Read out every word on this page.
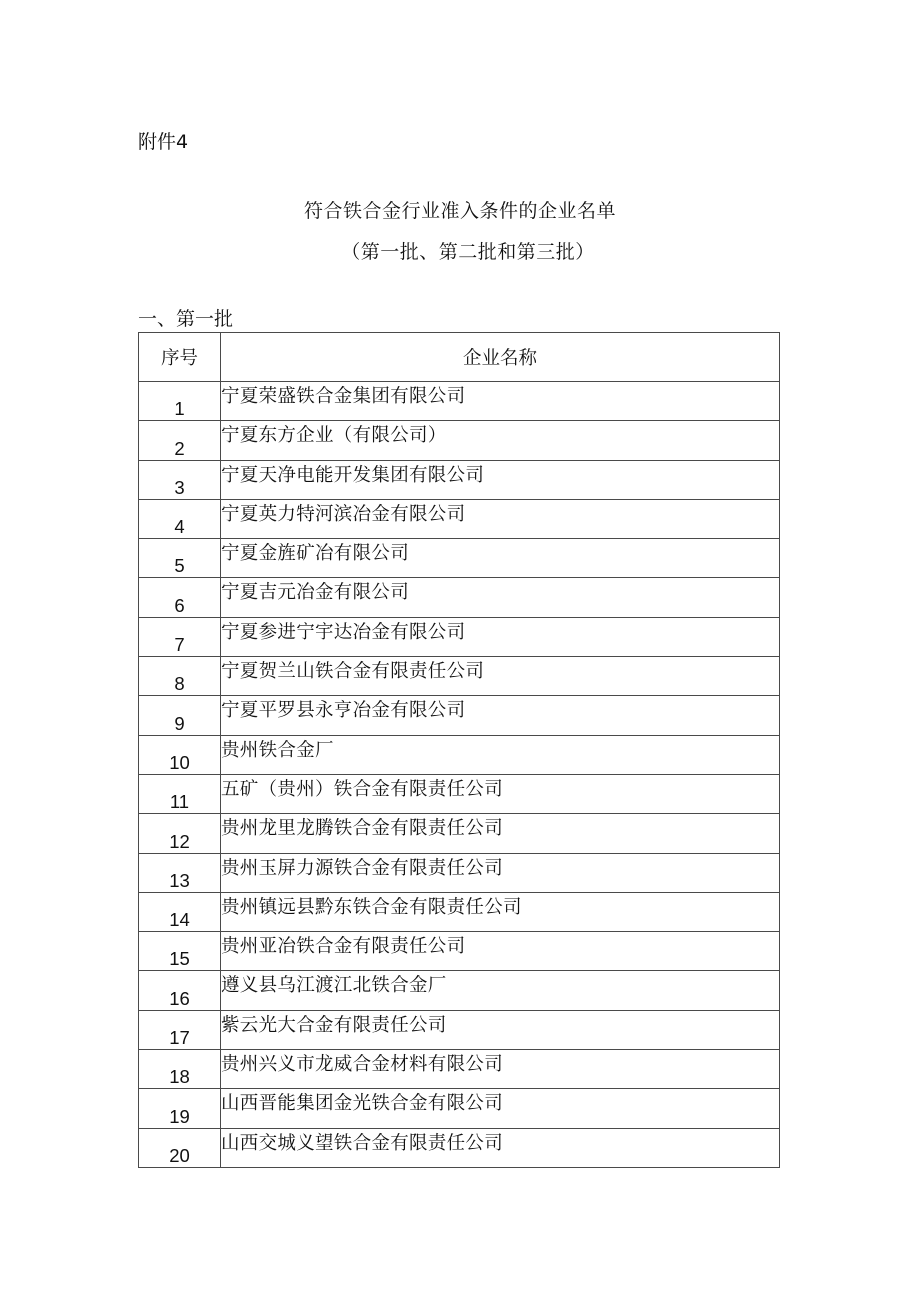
附件4

符合铁合金行业准入条件的企业名单
（第一批、第二批和第三批）
一、第一批
序号	企业名称
1	宁夏荣盛铁合金集团有限公司
2	宁夏东方企业（有限公司）
3	宁夏天净电能开发集团有限公司
4	宁夏英力特河滨冶金有限公司
5	宁夏金旌矿冶有限公司
6	宁夏吉元冶金有限公司
7	宁夏参进宁宇达冶金有限公司
8	宁夏贺兰山铁合金有限责任公司
9	宁夏平罗县永亨冶金有限公司
10	贵州铁合金厂
11	五矿（贵州）铁合金有限责任公司
12	贵州龙里龙腾铁合金有限责任公司
13	贵州玉屏力源铁合金有限责任公司
14	贵州镇远县黔东铁合金有限责任公司
15	贵州亚冶铁合金有限责任公司
16	遵义县乌江渡江北铁合金厂
17	紫云光大合金有限责任公司
18	贵州兴义市龙威合金材料有限公司
19	山西晋能集团金光铁合金有限公司
20	山西交城义望铁合金有限责任公司
